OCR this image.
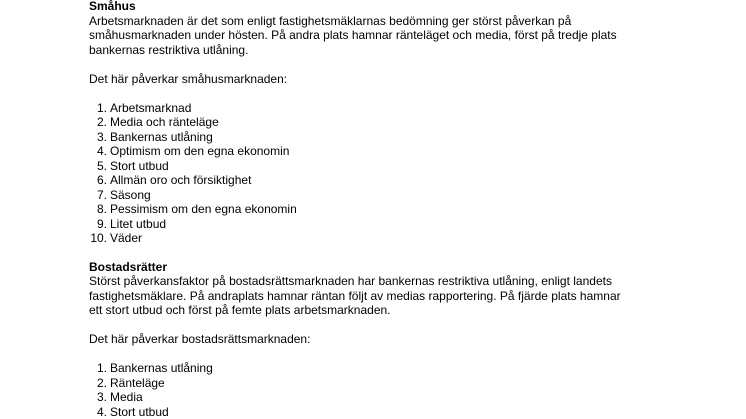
Småhus

Arbetsmarknaden är det som enligt fastighetsmäklarnas bedömning ger störst påverkan på
småhusmarknaden under hösten. På andra plats hamnar ränteläget och media, först på tredje plats
bankernas restriktiva utlåning.

Det här påverkar småhusmarknaden:

1. Arbetsmarknad
2. Media och ränteläge
3. Bankernas utlåning
4. Optimism om den egna ekonomin
5. Stort utbud
6. Allmän oro och försiktighet
7. Säsong
8. Pessimism om den egna ekonomin
9. Litet utbud
10. Väder

Bostadsrätter

Störst påverkansfaktor på bostadsrättsmarknaden har bankernas restriktiva utlåning, enligt landets
fastighetsmäklare. På andraplats hamnar räntan följt av medias rapportering. På fjärde plats hamnar
ett stort utbud och först på femte plats arbetsmarknaden.

Det här påverkar bostadsrättsmarknaden:

1. Bankernas utlåning
2. Ränteläge
3. Media
4. Stort utbud
